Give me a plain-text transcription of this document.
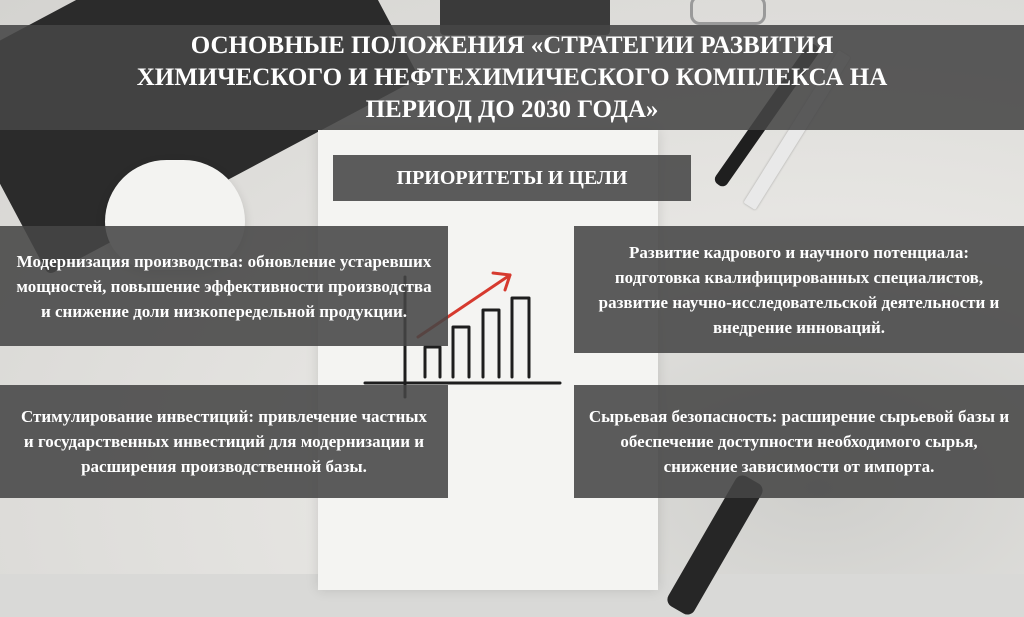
ОСНОВНЫЕ ПОЛОЖЕНИЯ «СТРАТЕГИИ РАЗВИТИЯ ХИМИЧЕСКОГО И НЕФТЕХИМИЧЕСКОГО КОМПЛЕКСА НА ПЕРИОД ДО 2030 ГОДА»
ПРИОРИТЕТЫ И ЦЕЛИ
Модернизация производства: обновление устаревших мощностей, повышение эффективности производства и снижение доли низкопередельной продукции.
Развитие кадрового и научного потенциала: подготовка квалифицированных специалистов, развитие научно-исследовательской деятельности и внедрение инноваций.
Стимулирование инвестиций: привлечение частных и государственных инвестиций для модернизации и расширения производственной базы.
Сырьевая безопасность: расширение сырьевой базы и обеспечение доступности необходимого сырья, снижение зависимости от импорта.
